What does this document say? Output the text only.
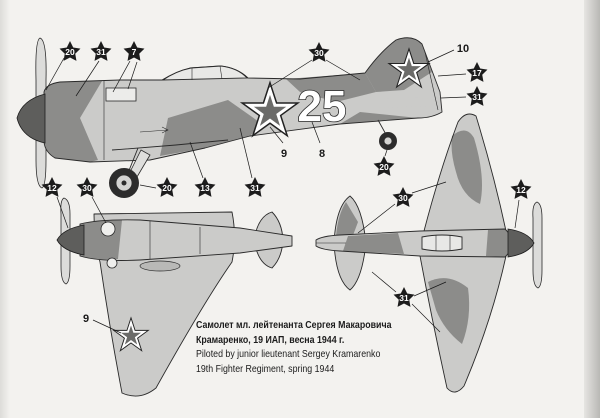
25
20	31	7	30
17
31
20
20	13	31
12	30
30
12
31
10
9	8
9	Самолет мл. лейтенанта Сергея Макаровича
Крамаренко, 19 ИАП, весна 1944 г.
Piloted by junior lieutenant Sergey Kramarenko
19th Fighter Regiment, spring 1944
